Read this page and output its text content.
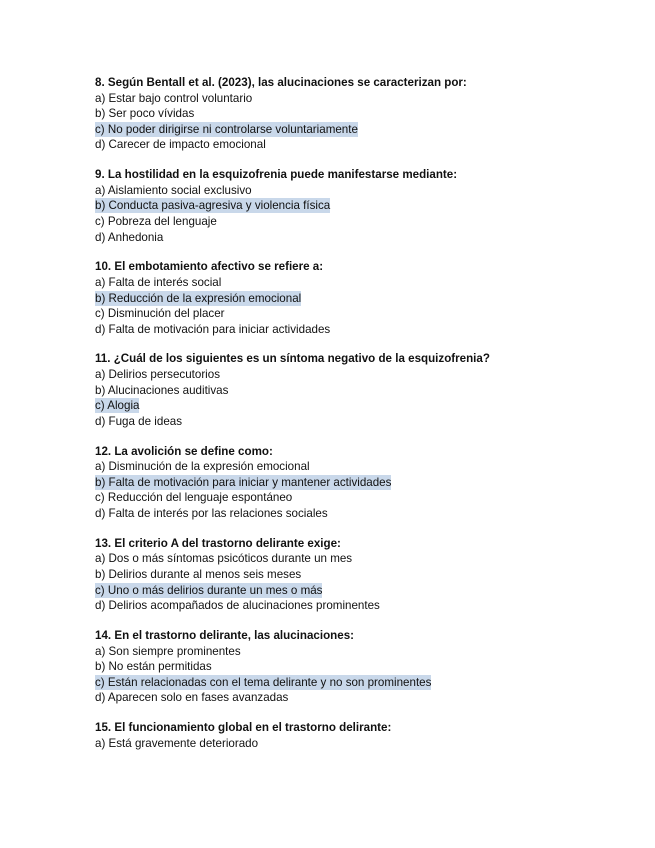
8. Según Bentall et al. (2023), las alucinaciones se caracterizan por:
a) Estar bajo control voluntario
b) Ser poco vívidas
c) No poder dirigirse ni controlarse voluntariamente
d) Carecer de impacto emocional
9. La hostilidad en la esquizofrenia puede manifestarse mediante:
a) Aislamiento social exclusivo
b) Conducta pasiva-agresiva y violencia física
c) Pobreza del lenguaje
d) Anhedonia
10. El embotamiento afectivo se refiere a:
a) Falta de interés social
b) Reducción de la expresión emocional
c) Disminución del placer
d) Falta de motivación para iniciar actividades
11. ¿Cuál de los siguientes es un síntoma negativo de la esquizofrenia?
a) Delirios persecutorios
b) Alucinaciones auditivas
c) Alogia
d) Fuga de ideas
12. La avolición se define como:
a) Disminución de la expresión emocional
b) Falta de motivación para iniciar y mantener actividades
c) Reducción del lenguaje espontáneo
d) Falta de interés por las relaciones sociales
13. El criterio A del trastorno delirante exige:
a) Dos o más síntomas psicóticos durante un mes
b) Delirios durante al menos seis meses
c) Uno o más delirios durante un mes o más
d) Delirios acompañados de alucinaciones prominentes
14. En el trastorno delirante, las alucinaciones:
a) Son siempre prominentes
b) No están permitidas
c) Están relacionadas con el tema delirante y no son prominentes
d) Aparecen solo en fases avanzadas
15. El funcionamiento global en el trastorno delirante:
a) Está gravemente deteriorado
